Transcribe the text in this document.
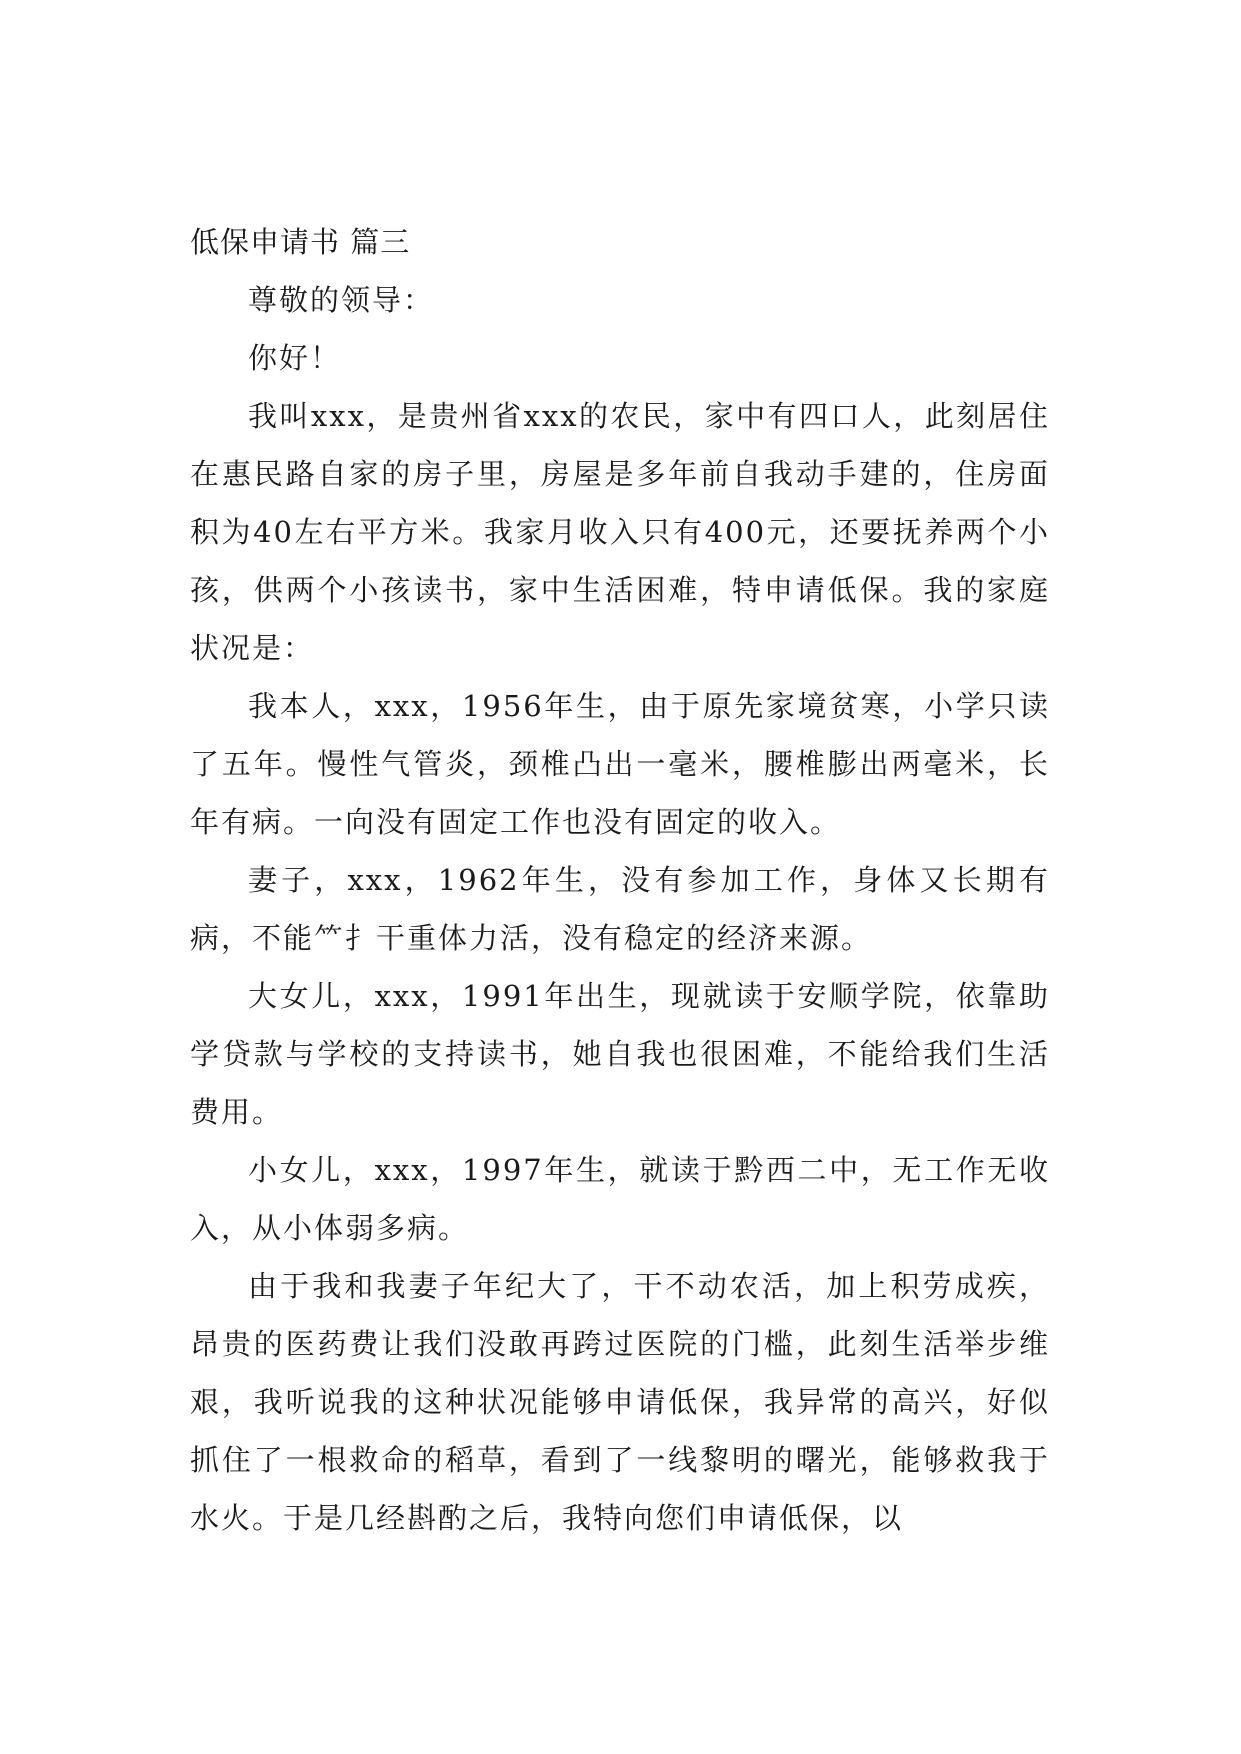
低保申请书 篇三

尊敬的领导：

你好！

我叫xxx，是贵州省xxx的农民，家中有四口人，此刻居住在惠民路自家的房子里，房屋是多年前自我动手建的，住房面积为40左右平方米。我家月收入只有400元，还要抚养两个小孩，供两个小孩读书，家中生活困难，特申请低保。我的家庭状况是：

我本人，xxx，1956年生，由于原先家境贫寒，小学只读了五年。慢性气管炎，颈椎凸出一毫米，腰椎膨出两毫米，长年有病。一向没有固定工作也没有固定的收入。

妻子，xxx，1962年生，没有参加工作，身体又长期有病，不能⺮⺘干重体力活，没有稳定的经济来源。

大女儿，xxx，1991年出生，现就读于安顺学院，依靠助学贷款与学校的支持读书，她自我也很困难，不能给我们生活费用。

小女儿，xxx，1997年生，就读于黔西二中，无工作无收入，从小体弱多病。

由于我和我妻子年纪大了，干不动农活，加上积劳成疾，昂贵的医药费让我们没敢再跨过医院的门槛，此刻生活举步维艰，我听说我的这种状况能够申请低保，我异常的高兴，好似抓住了一根救命的稻草，看到了一线黎明的曙光，能够救我于水火。于是几经斟酌之后，我特向您们申请低保，以
